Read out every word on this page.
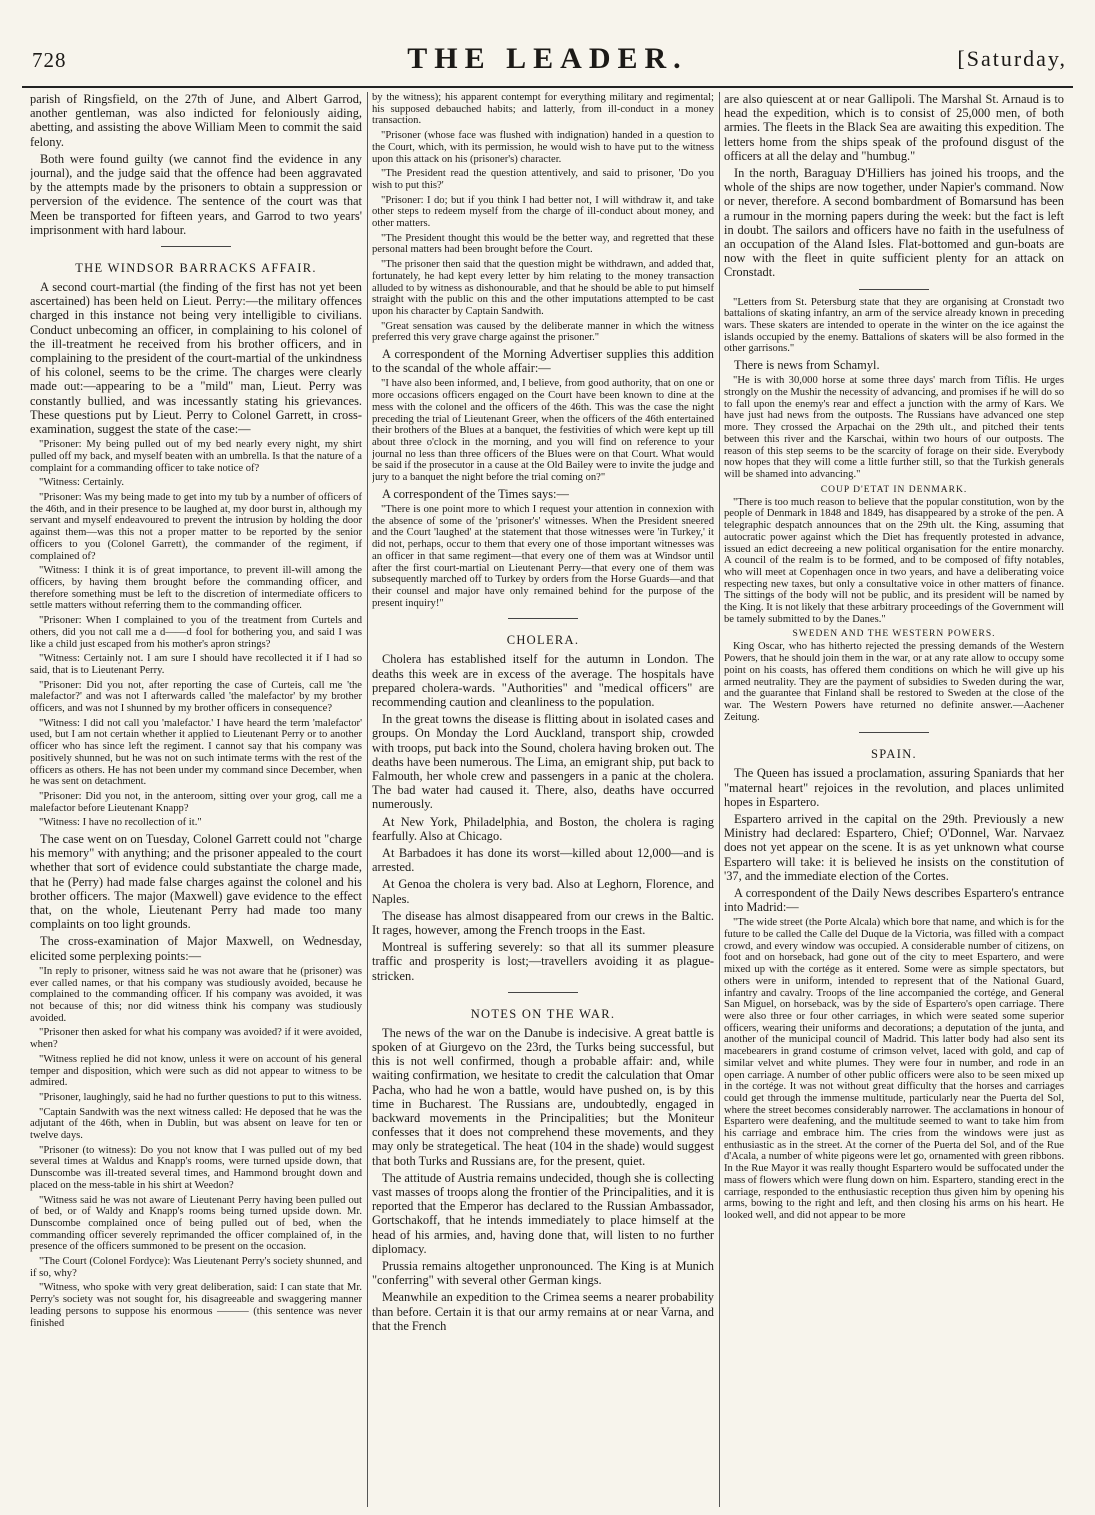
728	THE LEADER.	[Saturday,

parish of Ringsfield, on the 27th of June, and Albert Garrod, another gentleman, was also indicted for feloniously aiding, abetting, and assisting the above William Meen to commit the said felony.

Both were found guilty (we cannot find the evidence in any journal), and the judge said that the offence had been aggravated by the attempts made by the prisoners to obtain a suppression or perversion of the evidence. The sentence of the court was that Meen be transported for fifteen years, and Garrod to two years' imprisonment with hard labour.

THE WINDSOR BARRACKS AFFAIR.

A second court-martial (the finding of the first has not yet been ascertained) has been held on Lieut. Perry:—the military offences charged in this instance not being very intelligible to civilians. Conduct unbecoming an officer, in complaining to his colonel of the ill-treatment he received from his brother officers, and in complaining to the president of the court-martial of the unkindness of his colonel, seems to be the crime. The charges were clearly made out:—appearing to be a "mild" man, Lieut. Perry was constantly bullied, and was incessantly stating his grievances. These questions put by Lieut. Perry to Colonel Garrett, in cross-examination, suggest the state of the case:—

"Prisoner: My being pulled out of my bed nearly every night, my shirt pulled off my back, and myself beaten with an umbrella. Is that the nature of a complaint for a commanding officer to take notice of?

"Witness: Certainly.

"Prisoner: Was my being made to get into my tub by a number of officers of the 46th, and in their presence to be laughed at, my door burst in, although my servant and myself endeavoured to prevent the intrusion by holding the door against them—was this not a proper matter to be reported by the senior officers to you (Colonel Garrett), the commander of the regiment, if complained of?

"Witness: I think it is of great importance, to prevent ill-will among the officers, by having them brought before the commanding officer, and therefore something must be left to the discretion of intermediate officers to settle matters without referring them to the commanding officer.

"Prisoner: When I complained to you of the treatment from Curtels and others, did you not call me a d——d fool for bothering you, and said I was like a child just escaped from his mother's apron strings?

"Witness: Certainly not. I am sure I should have recollected it if I had so said, that is to Lieutenant Perry.

"Prisoner: Did you not, after reporting the case of Curteis, call me 'the malefactor?' and was not I afterwards called 'the malefactor' by my brother officers, and was not I shunned by my brother officers in consequence?

"Witness: I did not call you 'malefactor.' I have heard the term 'malefactor' used, but I am not certain whether it applied to Lieutenant Perry or to another officer who has since left the regiment. I cannot say that his company was positively shunned, but he was not on such intimate terms with the rest of the officers as others. He has not been under my command since December, when he was sent on detachment.

"Prisoner: Did you not, in the anteroom, sitting over your grog, call me a malefactor before Lieutenant Knapp?

"Witness: I have no recollection of it."

The case went on on Tuesday, Colonel Garrett could not "charge his memory" with anything; and the prisoner appealed to the court whether that sort of evidence could substantiate the charge made, that he (Perry) had made false charges against the colonel and his brother officers. The major (Maxwell) gave evidence to the effect that, on the whole, Lieutenant Perry had made too many complaints on too light grounds.

The cross-examination of Major Maxwell, on Wednesday, elicited some perplexing points:—

"In reply to prisoner, witness said he was not aware that he (prisoner) was ever called names, or that his company was studiously avoided, because he complained to the commanding officer. If his company was avoided, it was not because of this; nor did witness think his company was studiously avoided.

"Prisoner then asked for what his company was avoided? if it were avoided, when?

"Witness replied he did not know, unless it were on account of his general temper and disposition, which were such as did not appear to witness to be admired.

"Prisoner, laughingly, said he had no further questions to put to this witness.

"Captain Sandwith was the next witness called: He deposed that he was the adjutant of the 46th, when in Dublin, but was absent on leave for ten or twelve days.

"Prisoner (to witness): Do you not know that I was pulled out of my bed several times at Waldus and Knapp's rooms, were turned upside down, that Dunscombe was ill-treated several times, and Hammond brought down and placed on the mess-table in his shirt at Weedon?

"Witness said he was not aware of Lieutenant Perry having been pulled out of bed, or of Waldy and Knapp's rooms being turned upside down. Mr. Dunscombe complained once of being pulled out of bed, when the commanding officer severely reprimanded the officer complained of, in the presence of the officers summoned to be present on the occasion.

"The Court (Colonel Fordyce): Was Lieutenant Perry's society shunned, and if so, why?

"Witness, who spoke with very great deliberation, said: I can state that Mr. Perry's society was not sought for, his disagreeable and swaggering manner leading persons to suppose his enormous ——— (this sentence was never finished

by the witness); his apparent contempt for everything military and regimental; his supposed debauched habits; and latterly, from ill-conduct in a money transaction.

"Prisoner (whose face was flushed with indignation) handed in a question to the Court, which, with its permission, he would wish to have put to the witness upon this attack on his (prisoner's) character.

"The President read the question attentively, and said to prisoner, 'Do you wish to put this?'

"Prisoner: I do; but if you think I had better not, I will withdraw it, and take other steps to redeem myself from the charge of ill-conduct about money, and other matters.

"The President thought this would be the better way, and regretted that these personal matters had been brought before the Court.

"The prisoner then said that the question might be withdrawn, and added that, fortunately, he had kept every letter by him relating to the money transaction alluded to by witness as dishonourable, and that he should be able to put himself straight with the public on this and the other imputations attempted to be cast upon his character by Captain Sandwith.

"Great sensation was caused by the deliberate manner in which the witness preferred this very grave charge against the prisoner."

A correspondent of the Morning Advertiser supplies this addition to the scandal of the whole affair:—

"I have also been informed, and, I believe, from good authority, that on one or more occasions officers engaged on the Court have been known to dine at the mess with the colonel and the officers of the 46th. This was the case the night preceding the trial of Lieutenant Greer, when the officers of the 46th entertained their brothers of the Blues at a banquet, the festivities of which were kept up till about three o'clock in the morning, and you will find on reference to your journal no less than three officers of the Blues were on that Court. What would be said if the prosecutor in a cause at the Old Bailey were to invite the judge and jury to a banquet the night before the trial coming on?"

A correspondent of the Times says:—

"There is one point more to which I request your attention in connexion with the absence of some of the 'prisoner's' witnesses. When the President sneered and the Court 'laughed' at the statement that those witnesses were 'in Turkey,' it did not, perhaps, occur to them that every one of those important witnesses was an officer in that same regiment—that every one of them was at Windsor until after the first court-martial on Lieutenant Perry—that every one of them was subsequently marched off to Turkey by orders from the Horse Guards—and that their counsel and major have only remained behind for the purpose of the present inquiry!"

CHOLERA.

Cholera has established itself for the autumn in London. The deaths this week are in excess of the average. The hospitals have prepared cholera-wards. "Authorities" and "medical officers" are recommending caution and cleanliness to the population.

In the great towns the disease is flitting about in isolated cases and groups. On Monday the Lord Auckland, transport ship, crowded with troops, put back into the Sound, cholera having broken out. The deaths have been numerous. The Lima, an emigrant ship, put back to Falmouth, her whole crew and passengers in a panic at the cholera. The bad water had caused it. There, also, deaths have occurred numerously.

At New York, Philadelphia, and Boston, the cholera is raging fearfully. Also at Chicago.

At Barbadoes it has done its worst—killed about 12,000—and is arrested.

At Genoa the cholera is very bad. Also at Leghorn, Florence, and Naples.

The disease has almost disappeared from our crews in the Baltic. It rages, however, among the French troops in the East.

Montreal is suffering severely: so that all its summer pleasure traffic and prosperity is lost;—travellers avoiding it as plague-stricken.

NOTES ON THE WAR.

The news of the war on the Danube is indecisive. A great battle is spoken of at Giurgevo on the 23rd, the Turks being successful, but this is not well confirmed, though a probable affair: and, while waiting confirmation, we hesitate to credit the calculation that Omar Pacha, who had he won a battle, would have pushed on, is by this time in Bucharest. The Russians are, undoubtedly, engaged in backward movements in the Principalities; but the Moniteur confesses that it does not comprehend these movements, and they may only be strategetical. The heat (104 in the shade) would suggest that both Turks and Russians are, for the present, quiet.

The attitude of Austria remains undecided, though she is collecting vast masses of troops along the frontier of the Principalities, and it is reported that the Emperor has declared to the Russian Ambassador, Gortschakoff, that he intends immediately to place himself at the head of his armies, and, having done that, will listen to no further diplomacy.

Prussia remains altogether unpronounced. The King is at Munich "conferring" with several other German kings.

Meanwhile an expedition to the Crimea seems a nearer probability than before. Certain it is that our army remains at or near Varna, and that the French

are also quiescent at or near Gallipoli. The Marshal St. Arnaud is to head the expedition, which is to consist of 25,000 men, of both armies. The fleets in the Black Sea are awaiting this expedition. The letters home from the ships speak of the profound disgust of the officers at all the delay and "humbug."

In the north, Baraguay D'Hilliers has joined his troops, and the whole of the ships are now together, under Napier's command. Now or never, therefore. A second bombardment of Bomarsund has been a rumour in the morning papers during the week: but the fact is left in doubt. The sailors and officers have no faith in the usefulness of an occupation of the Aland Isles. Flat-bottomed and gun-boats are now with the fleet in quite sufficient plenty for an attack on Cronstadt.

"Letters from St. Petersburg state that they are organising at Cronstadt two battalions of skating infantry, an arm of the service already known in preceding wars. These skaters are intended to operate in the winter on the ice against the islands occupied by the enemy. Battalions of skaters will be also formed in the other garrisons."

There is news from Schamyl.

"He is with 30,000 horse at some three days' march from Tiflis. He urges strongly on the Mushir the necessity of advancing, and promises if he will do so to fall upon the enemy's rear and effect a junction with the army of Kars. We have just had news from the outposts. The Russians have advanced one step more. They crossed the Arpachai on the 29th ult., and pitched their tents between this river and the Karschai, within two hours of our outposts. The reason of this step seems to be the scarcity of forage on their side. Everybody now hopes that they will come a little further still, so that the Turkish generals will be shamed into advancing."

COUP D'ETAT IN DENMARK.

"There is too much reason to believe that the popular constitution, won by the people of Denmark in 1848 and 1849, has disappeared by a stroke of the pen. A telegraphic despatch announces that on the 29th ult. the King, assuming that autocratic power against which the Diet has frequently protested in advance, issued an edict decreeing a new political organisation for the entire monarchy. A council of the realm is to be formed, and to be composed of fifty notables, who will meet at Copenhagen once in two years, and have a deliberating voice respecting new taxes, but only a consultative voice in other matters of finance. The sittings of the body will not be public, and its president will be named by the King. It is not likely that these arbitrary proceedings of the Government will be tamely submitted to by the Danes."

SWEDEN AND THE WESTERN POWERS.

King Oscar, who has hitherto rejected the pressing demands of the Western Powers, that he should join them in the war, or at any rate allow to occupy some point on his coasts, has offered them conditions on which he will give up his armed neutrality. They are the payment of subsidies to Sweden during the war, and the guarantee that Finland shall be restored to Sweden at the close of the war. The Western Powers have returned no definite answer.—Aachener Zeitung.

SPAIN.

The Queen has issued a proclamation, assuring Spaniards that her "maternal heart" rejoices in the revolution, and places unlimited hopes in Espartero.

Espartero arrived in the capital on the 29th. Previously a new Ministry had declared: Espartero, Chief; O'Donnel, War. Narvaez does not yet appear on the scene. It is as yet unknown what course Espartero will take: it is believed he insists on the constitution of '37, and the immediate election of the Cortes.

A correspondent of the Daily News describes Espartero's entrance into Madrid:—

"The wide street (the Porte Alcala) which bore that name, and which is for the future to be called the Calle del Duque de la Victoria, was filled with a compact crowd, and every window was occupied. A considerable number of citizens, on foot and on horseback, had gone out of the city to meet Espartero, and were mixed up with the cortége as it entered. Some were as simple spectators, but others were in uniform, intended to represent that of the National Guard, infantry and cavalry. Troops of the line accompanied the cortége, and General San Miguel, on horseback, was by the side of Espartero's open carriage. There were also three or four other carriages, in which were seated some superior officers, wearing their uniforms and decorations; a deputation of the junta, and another of the municipal council of Madrid. This latter body had also sent its macebearers in grand costume of crimson velvet, laced with gold, and cap of similar velvet and white plumes. They were four in number, and rode in an open carriage. A number of other public officers were also to be seen mixed up in the cortége. It was not without great difficulty that the horses and carriages could get through the immense multitude, particularly near the Puerta del Sol, where the street becomes considerably narrower. The acclamations in honour of Espartero were deafening, and the multitude seemed to want to take him from his carriage and embrace him. The cries from the windows were just as enthusiastic as in the street. At the corner of the Puerta del Sol, and of the Rue d'Acala, a number of white pigeons were let go, ornamented with green ribbons. In the Rue Mayor it was really thought Espartero would be suffocated under the mass of flowers which were flung down on him. Espartero, standing erect in the carriage, responded to the enthusiastic reception thus given him by opening his arms, bowing to the right and left, and then closing his arms on his heart. He looked well, and did not appear to be more
